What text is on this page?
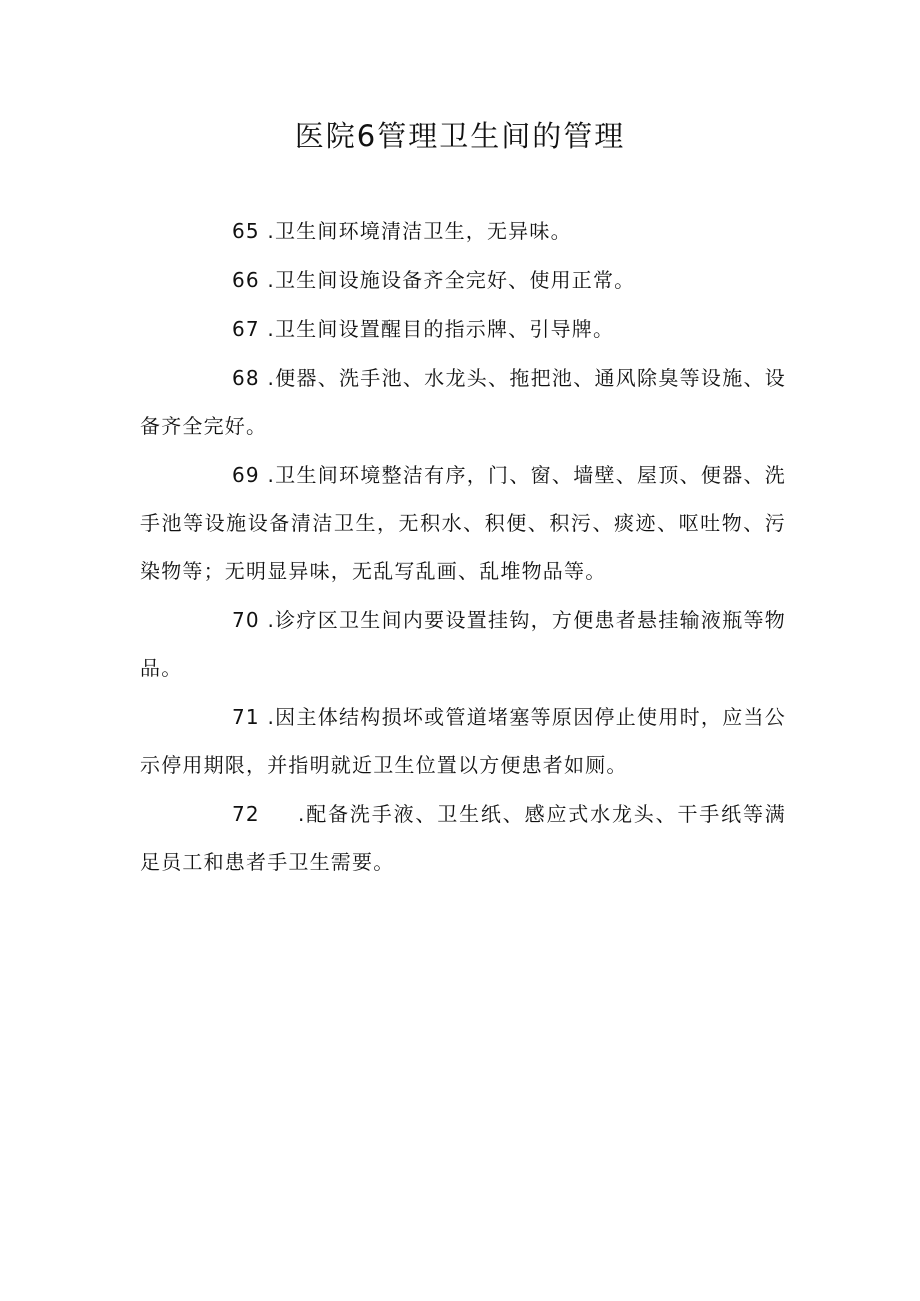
医院6管理卫生间的管理

65 .卫生间环境清洁卫生，无异味。

66 .卫生间设施设备齐全完好、使用正常。

67 .卫生间设置醒目的指示牌、引导牌。

68 .便器、洗手池、水龙头、拖把池、通风除臭等设施、设备齐全完好。

69 .卫生间环境整洁有序，门、窗、墙壁、屋顶、便器、洗手池等设施设备清洁卫生，无积水、积便、积污、痰迹、呕吐物、污染物等；无明显异味，无乱写乱画、乱堆物品等。

70 .诊疗区卫生间内要设置挂钩，方便患者悬挂输液瓶等物品。

71 .因主体结构损坏或管道堵塞等原因停止使用时，应当公示停用期限，并指明就近卫生位置以方便患者如厕。

72 .配备洗手液、卫生纸、感应式水龙头、干手纸等满足员工和患者手卫生需要。
